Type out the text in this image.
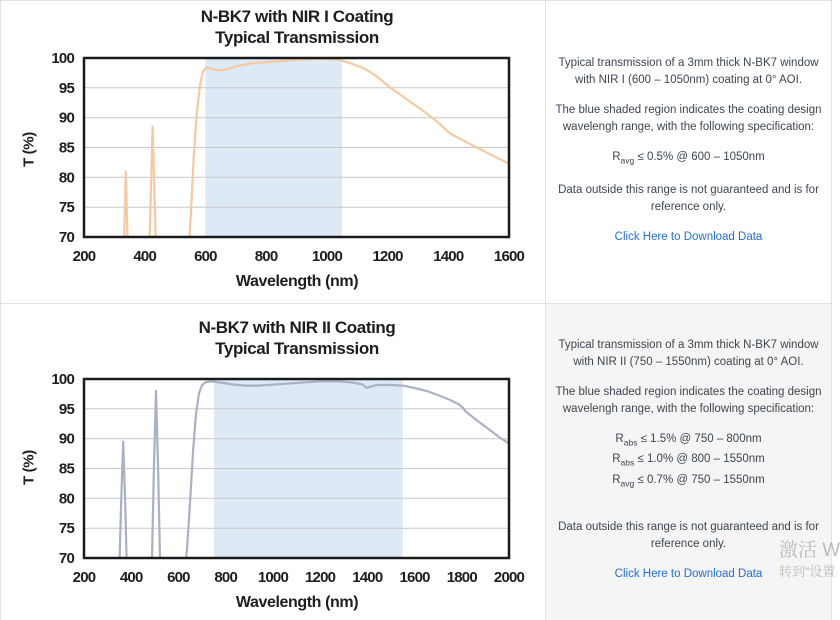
N-BK7 with NIR I Coating
Typical Transmission
T (%)
70
75
80
85
90
95
100
200	400	600	800 1000 1200 1400 1600
Wavelength (nm)

Typical transmission of a 3mm thick N-BK7 window with NIR I (600 – 1050nm) coating at 0° AOI.

The blue shaded region indicates the coating design wavelengh range, with the following specification:

$R_{avg} \le 0.5\%$ @ 600 – 1050nm

Data outside this range is not guaranteed and is for reference only.

Click Here to Download Data
N-BK7 with NIR II Coating
Typical Transmission
T (%)
70
75
80
85
90
95
100
200 400 600 800 1000 1200 1400 1600 1800 2000
Wavelength (nm)

Typical transmission of a 3mm thick N-BK7 window with NIR II (750 – 1550nm) coating at 0° AOI.

The blue shaded region indicates the coating design wavelengh range, with the following specification:

$R_{abs} \le 1.5\%$ @ 750 – 800nm
$R_{abs} \le 1.0\%$ @ 800 – 1550nm
$R_{avg} \le 0.7\%$ @ 750 – 1550nm

Data outside this range is not guaranteed and is for reference only.

Click Here to Download Data
激活 W
转到“设置
